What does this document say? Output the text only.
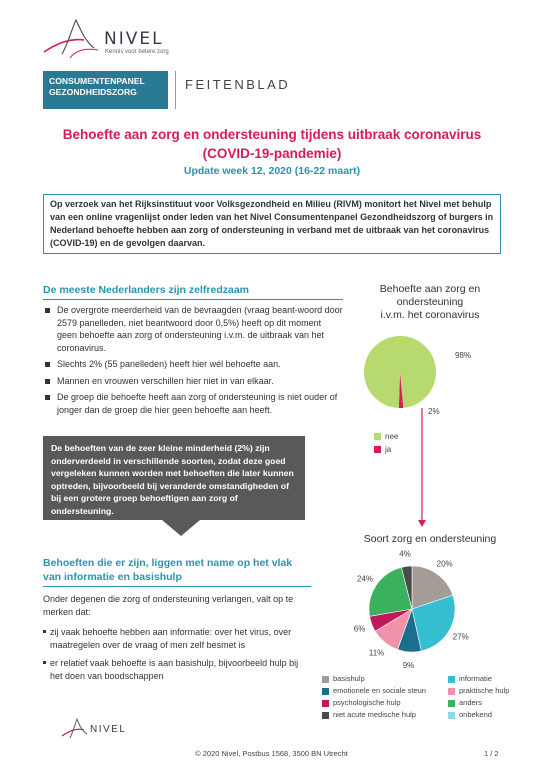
NIVEL
Kennis voor betere zorg
CONSUMENTENPANEL
GEZONDHEIDSZORG	FEITENBLAD
Behoefte aan zorg en ondersteuning tijdens uitbraak coronavirus
(COVID-19-pandemie)
Update week 12, 2020 (16-22 maart)
Op verzoek van het Rijksinstituut voor Volksgezondheid en Milieu (RIVM) monitort het Nivel met behulp van een online vragenlijst onder leden van het Nivel Consumentenpanel Gezondheidszorg of burgers in Nederland behoefte hebben aan zorg of ondersteuning in verband met de uitbraak van het coronavirus (COVID-19) en de gevolgen daarvan.
De meeste Nederlanders zijn zelfredzaam
De overgrote meerderheid van de bevraagden (vraag beant-woord door 2579 panelleden, niet beantwoord door 0,5%) heeft op dit moment geen behoefte aan zorg of ondersteuning i.v.m. de uitbraak van het coronavirus.
Slechts 2% (55 panelleden) heeft hier wél behoefte aan.
Mannen en vrouwen verschillen hier niet in van elkaar.
De groep die behoefte heeft aan zorg of ondersteuning is niet ouder of jonger dan de groep die hier geen behoefte aan heeft.
De behoeften van de zeer kleine minderheid (2%) zijn onderverdeeld in verschillende soorten, zodat deze goed vergeleken kunnen worden met behoeften die later kunnen optreden, bijvoorbeeld bij veranderde omstandigheden of bij een grotere groep behoeftigen aan zorg of ondersteuning.
Behoeften die er zijn, liggen met name op het vlak
van informatie en basishulp
Onder degenen die zorg of ondersteuning verlangen, valt op te merken dat:
zij vaak behoefte hebben aan informatie: over het virus, over maatregelen over de vraag of men zelf besmet is
er relatief vaak behoefte is aan basishulp, bijvoorbeeld hulp bij het doen van boodschappen
Behoefte aan zorg en
ondersteuning
i.v.m. het coronavirus
98%
2%
nee
ja
Soort zorg en ondersteuning
20%
27%
9%
11%
6%
24%
4%
basishulp	informatie
emotionele en sociale steun	praktische hulp
psychologische hulp	anders
niet acute medische hulp	onbekend
NIVEL
© 2020 Nivel, Postbus 1568, 3500 BN Utrecht	1 / 2
